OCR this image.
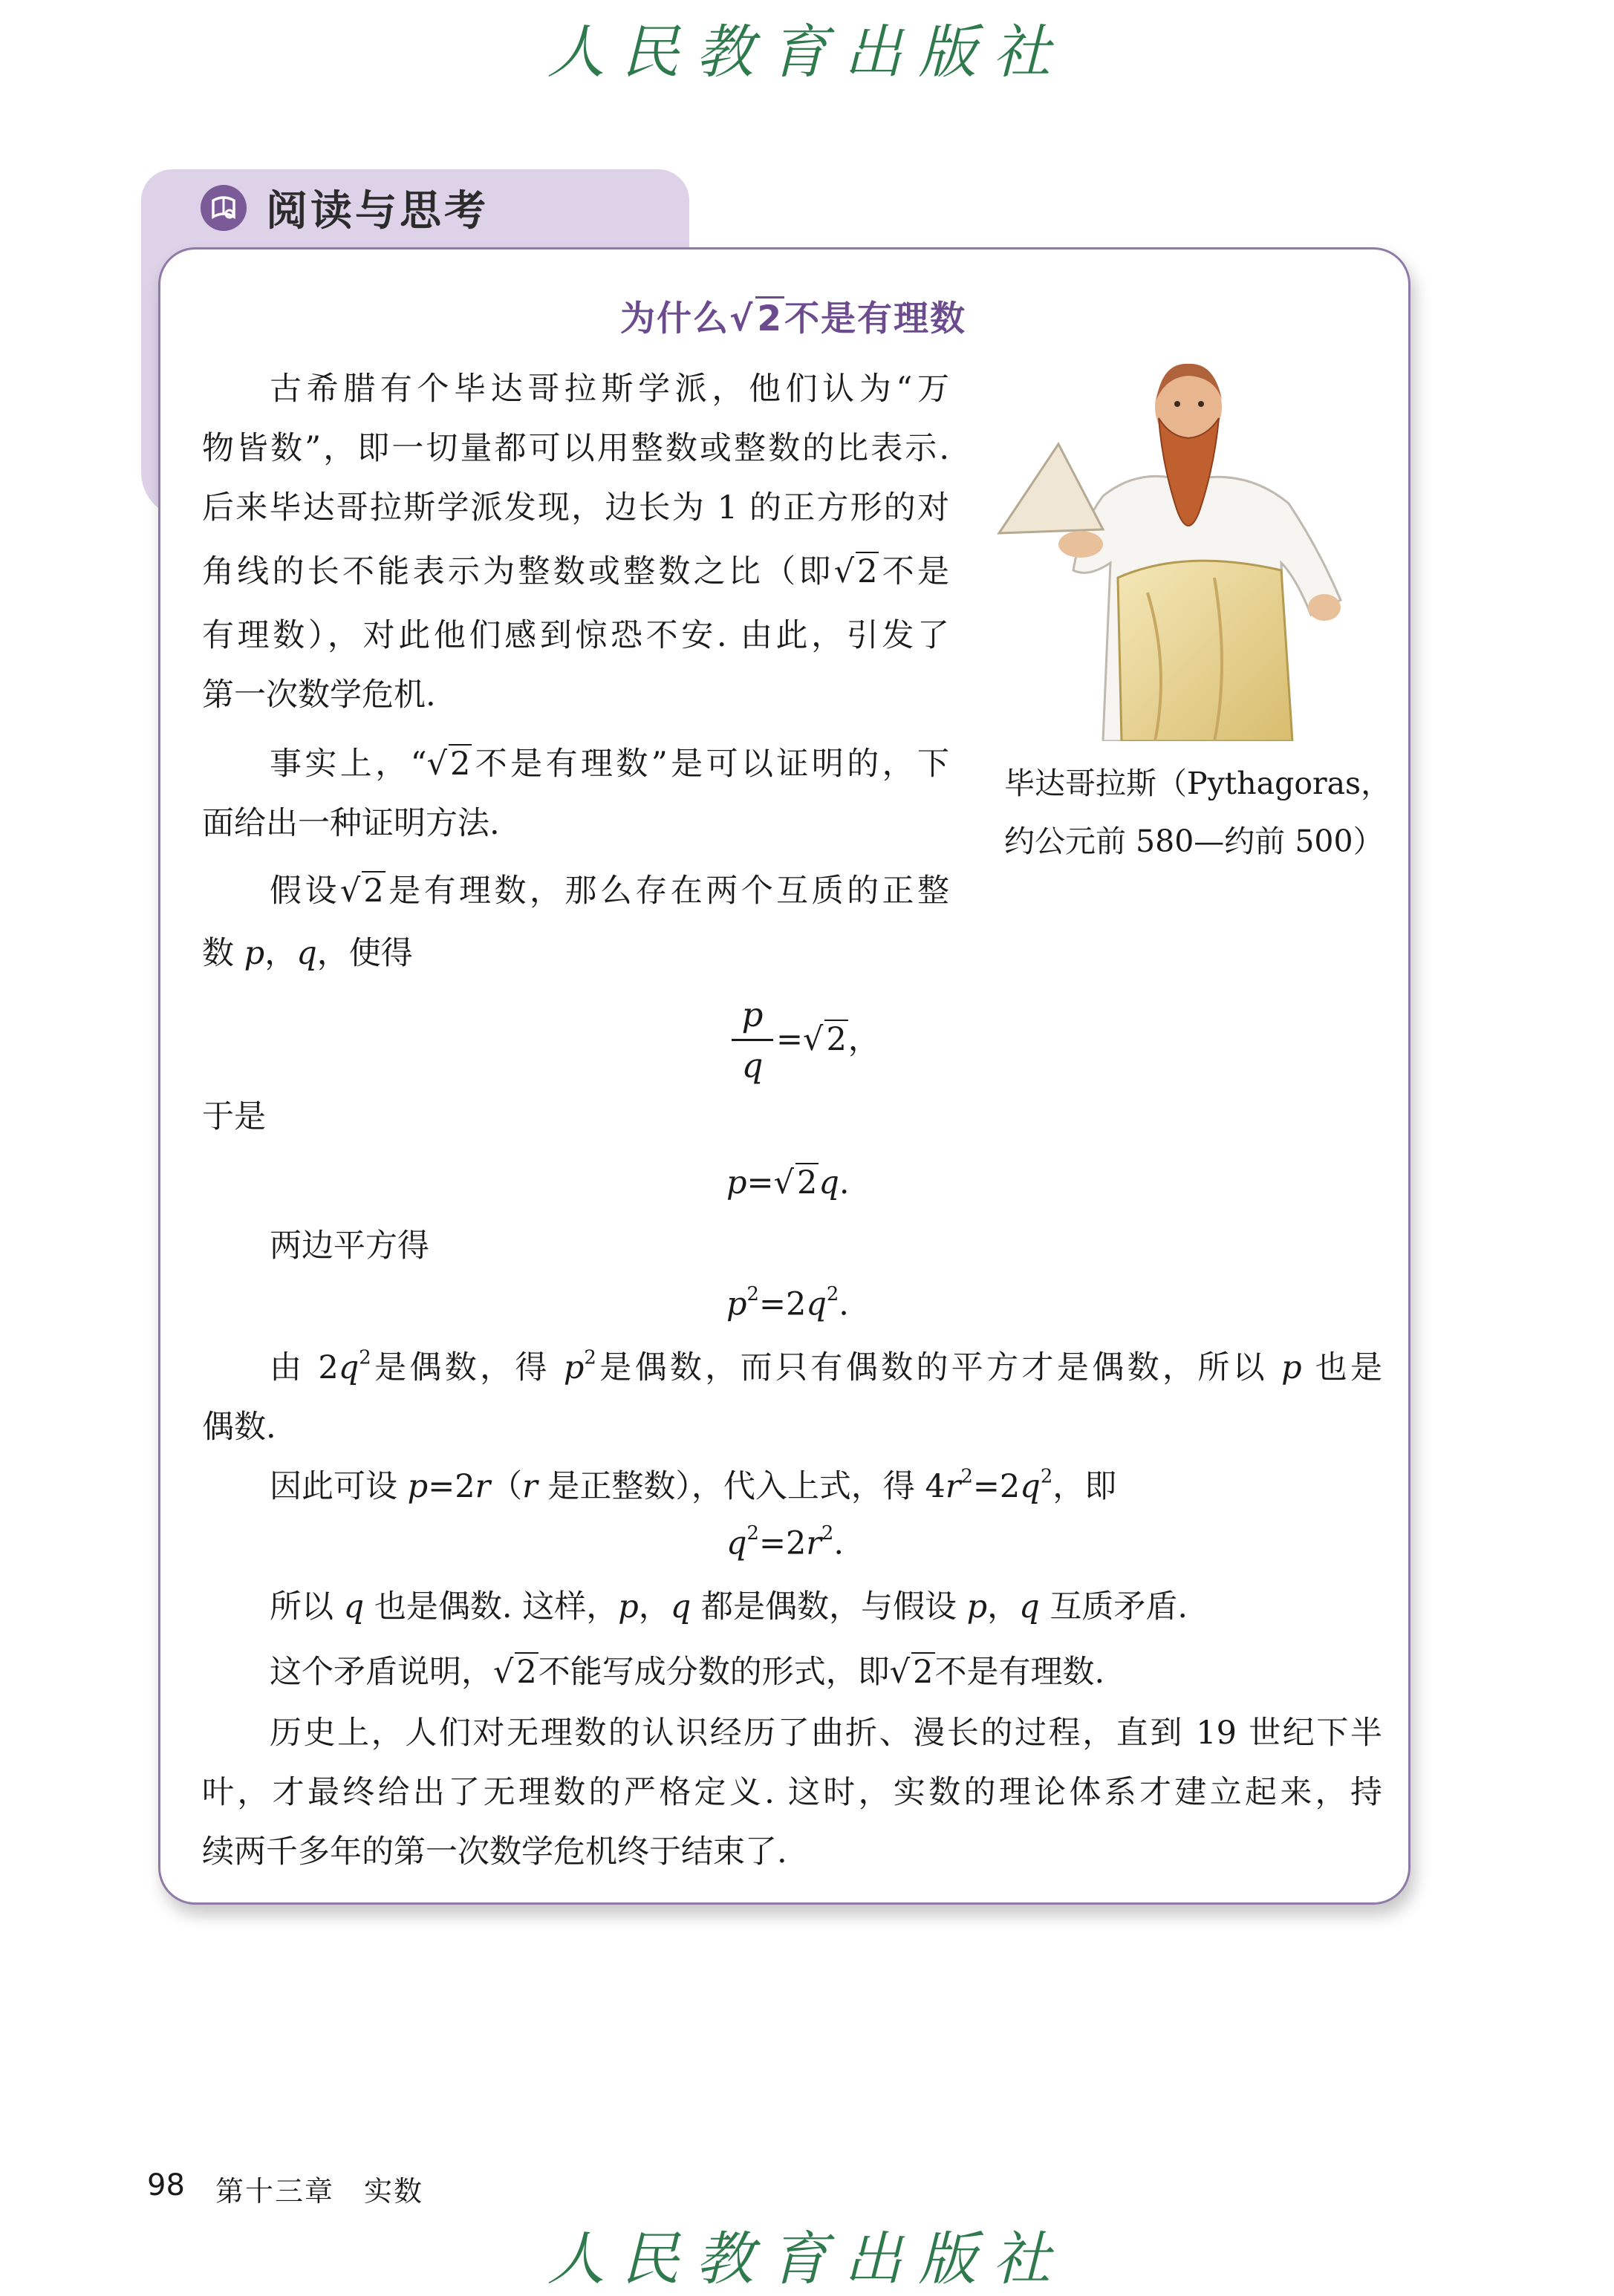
人民教育出版社
阅读与思考
为什么√2不是有理数
古希腊有个毕达哥拉斯学派，他们认为“万
物皆数”，即一切量都可以用整数或整数的比表示.
后来毕达哥拉斯学派发现，边长为 1 的正方形的对
角线的长不能表示为整数或整数之比（即√2不是
有理数），对此他们感到惊恐不安. 由此，引发了
第一次数学危机.
事实上，“√2不是有理数”是可以证明的，下
面给出一种证明方法.
假设√2是有理数，那么存在两个互质的正整
数 p，q，使得
p
q
=√2，
于是
p=√2q.
两边平方得
$p^2=2q^2$.
由 $2q^2$是偶数，得 $p^2$是偶数，而只有偶数的平方才是偶数，所以 p 也是
偶数.
因此可设 p=2r（r 是正整数），代入上式，得 $4r^2=2q^2$，即
$q^2=2r^2$.
所以 q 也是偶数. 这样，p，q 都是偶数，与假设 p，q 互质矛盾.
这个矛盾说明，√2不能写成分数的形式，即√2不是有理数.
历史上，人们对无理数的认识经历了曲折、漫长的过程，直到 19 世纪下半
叶，才最终给出了无理数的严格定义. 这时，实数的理论体系才建立起来，持
续两千多年的第一次数学危机终于结束了.
毕达哥拉斯（Pythagoras，
约公元前 580—约前 500）
98 第十三章　实数
人民教育出版社
